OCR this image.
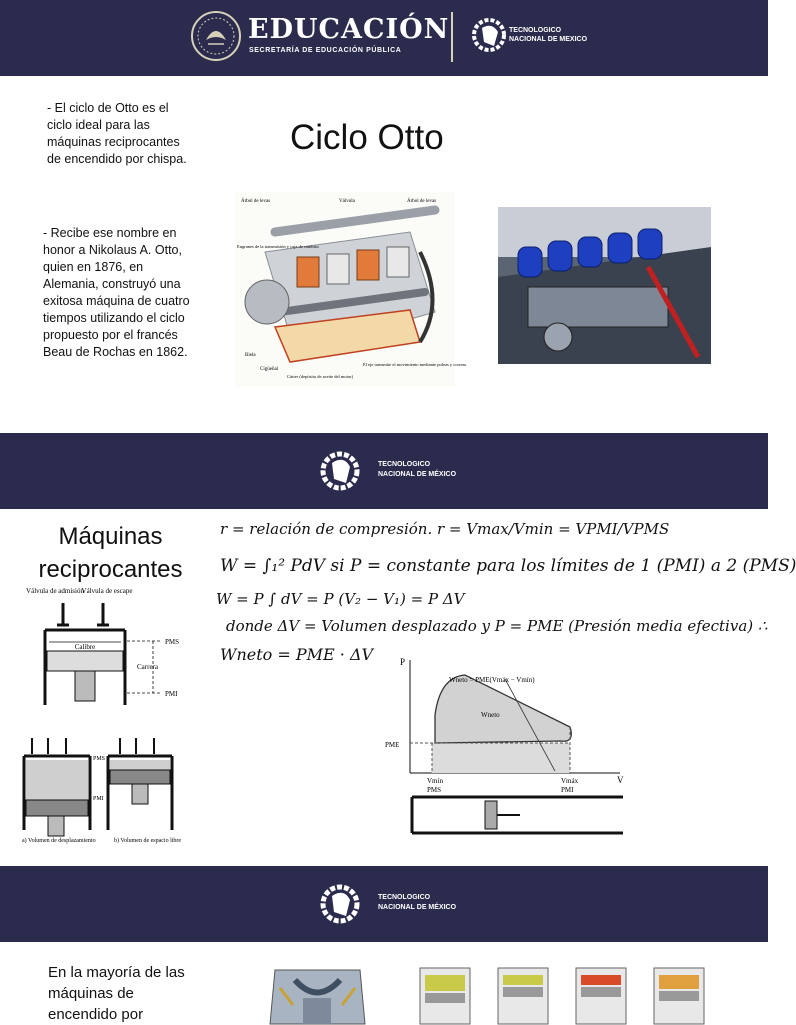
EDUCACIÓN
SECRETARÍA DE EDUCACIÓN PÚBLICA
TECNOLOGICO
NACIONAL DE MEXICO
- El ciclo de Otto es el ciclo ideal para las máquinas reciprocantes de encendido por chispa.
- Recibe ese nombre en honor a Nikolaus A. Otto, quien en 1876, en Alemania, construyó una exitosa máquina de cuatro tiempos utilizando el ciclo propuesto por el francés Beau de Rochas en 1862.
Ciclo Otto
Árbol de levas	Válvula	Árbol de levas
Engranes de la transmisión y caja de cambios
Biela
Cigüeñal
Cárter (depósito de aceite del motor)
El eje transmite el movimiento mediante poleas y correas
TECNOLOGICO
NACIONAL DE MÉXICO
Máquinas reciprocantes
r = relación de compresión. r = Vmax/Vmin = VPMI/VPMS
W = ∫₁² PdV si P = constante para los límites de 1 (PMI) a 2 (PMS)
W = P ∫ dV = P (V₂ − V₁) = P ΔV
donde ΔV = Volumen desplazado y P = PME (Presión media efectiva) ∴
Wneto = PME · ΔV
Válvula de admisión
Válvula de escape
Calibre
PMS
Carrera
PMI
PMS
PMI
a) Volumen de desplazamiento	b) Volumen de espacio libre
P
V
Wneto = PME(Vmáx − Vmín)
Wneto
PME
Vmín	Vmáx
PMS	PMI
TECNOLOGICO
NACIONAL DE MÉXICO
En la mayoría de las máquinas de encendido por
